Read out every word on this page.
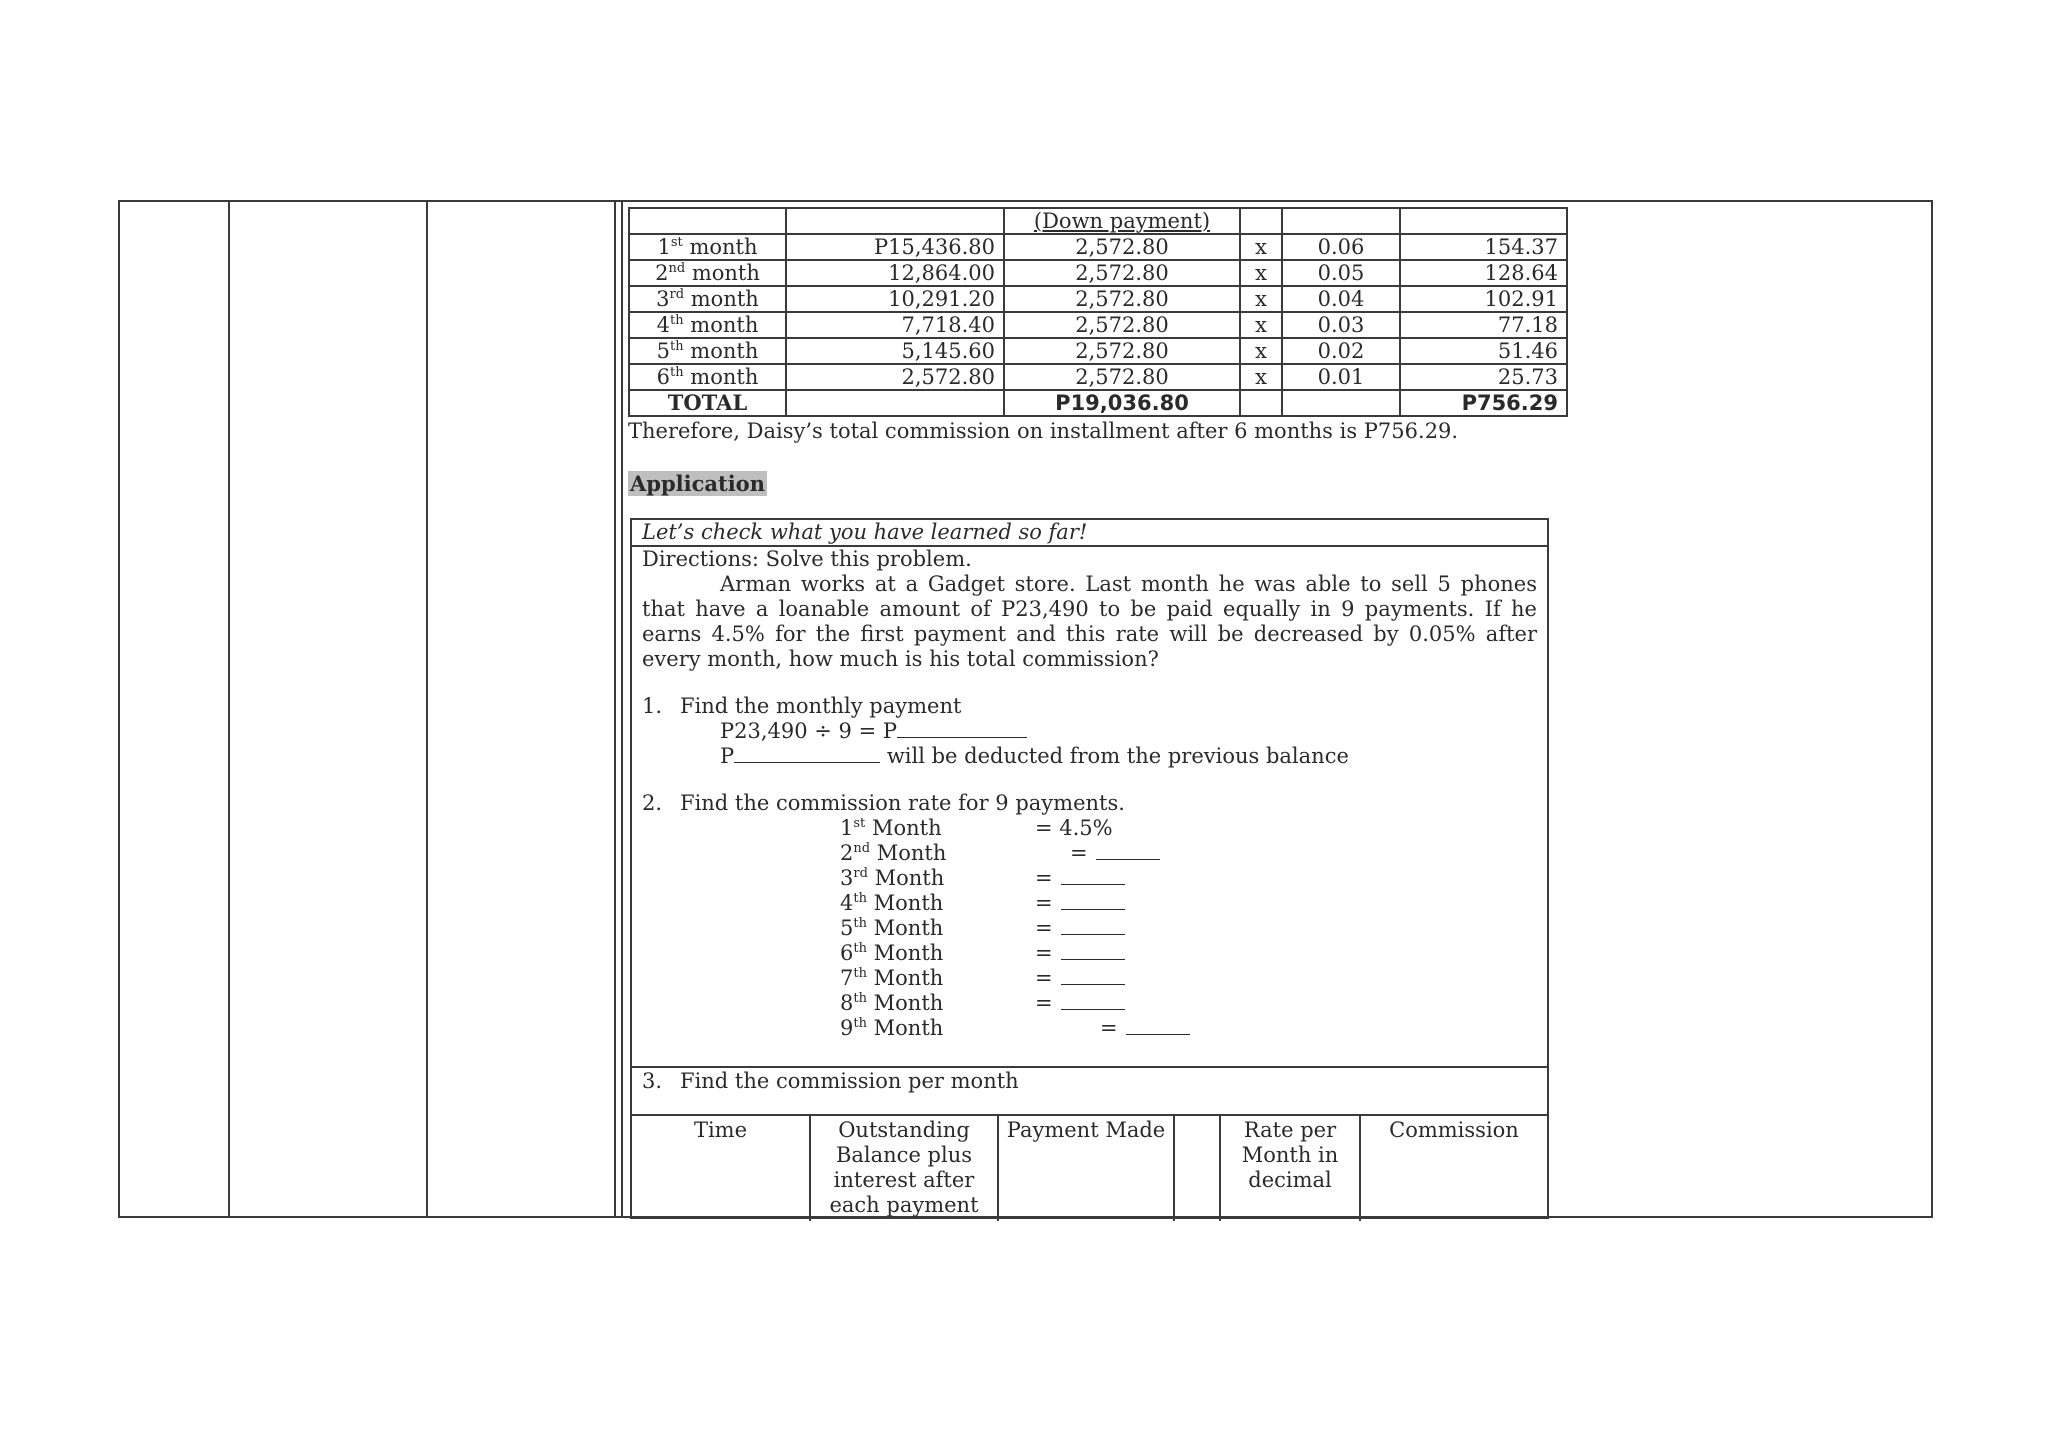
		(Down payment)			
1st month	P15,436.80	2,572.80	x	0.06	154.37
2nd month	12,864.00	2,572.80	x	0.05	128.64
3rd month	10,291.20	2,572.80	x	0.04	102.91
4th month	7,718.40	2,572.80	x	0.03	77.18
5th month	5,145.60	2,572.80	x	0.02	51.46
6th month	2,572.80	2,572.80	x	0.01	25.73
TOTAL		P19,036.80			P756.29
Therefore, Daisy’s total commission on installment after 6 months is P756.29.
Application
Let’s check what you have learned so far!
Directions: Solve this problem.

Arman works at a Gadget store. Last month he was able to sell 5 phones that have a loanable amount of P23,490 to be paid equally in 9 payments. If he earns 4.5% for the first payment and this rate will be decreased by 0.05% after every month, how much is his total commission?

1. Find the monthly payment
P23,490 ÷ 9 = P
P	will be deducted from the previous balance
2. Find the commission rate for 9 payments.
1st Month	= 4.5%
2nd Month	=
3rd Month	=
4th Month	=
5th Month	=
6th Month	=
7th Month	=
8th Month	=
9th Month	=
3. Find the commission per month
Time	Outstanding Balance plus interest after each payment	Payment Made		Rate per Month in decimal	Commission
